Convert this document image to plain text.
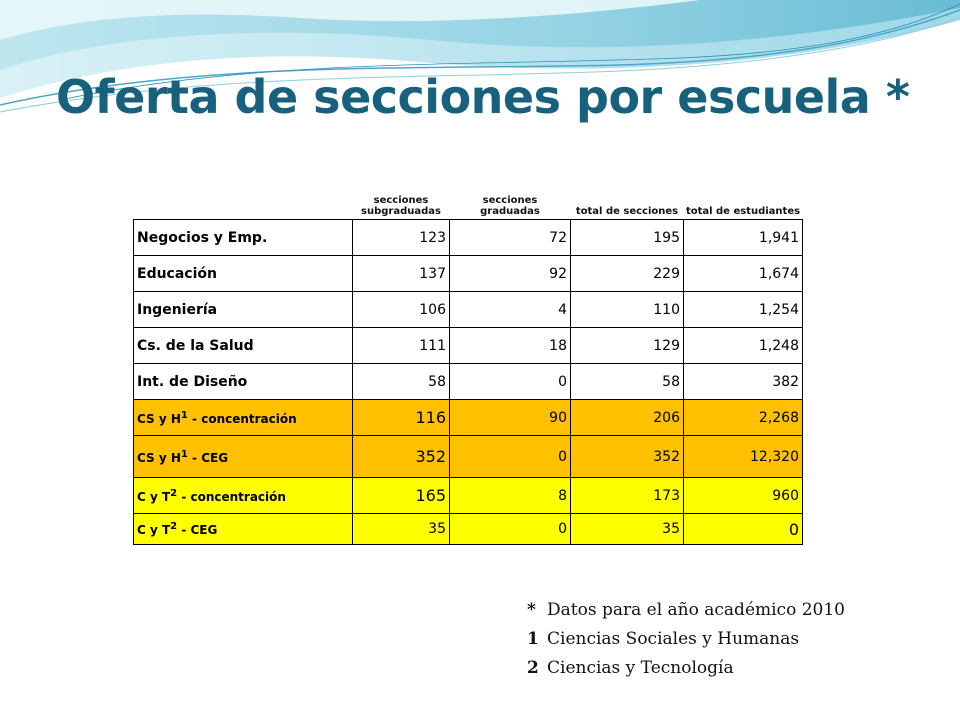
Oferta de secciones por escuela *
	secciones subgraduadas	secciones graduadas	total de secciones	total de estudiantes
Negocios y Emp.	123	72	195	1,941
Educación	137	92	229	1,674
Ingeniería	106	4	110	1,254
Cs. de la Salud	111	18	129	1,248
Int. de Diseño	58	0	58	382
CS y $H^1$ - concentración	116	90	206	2,268
CS y $H^1$ - CEG	352	0	352	12,320
C y $T^2$ - concentración	165	8	173	960
C y $T^2$ - CEG	35	0	35	0
* Datos para el año académico 2010
1 Ciencias Sociales y Humanas
2 Ciencias y Tecnología
